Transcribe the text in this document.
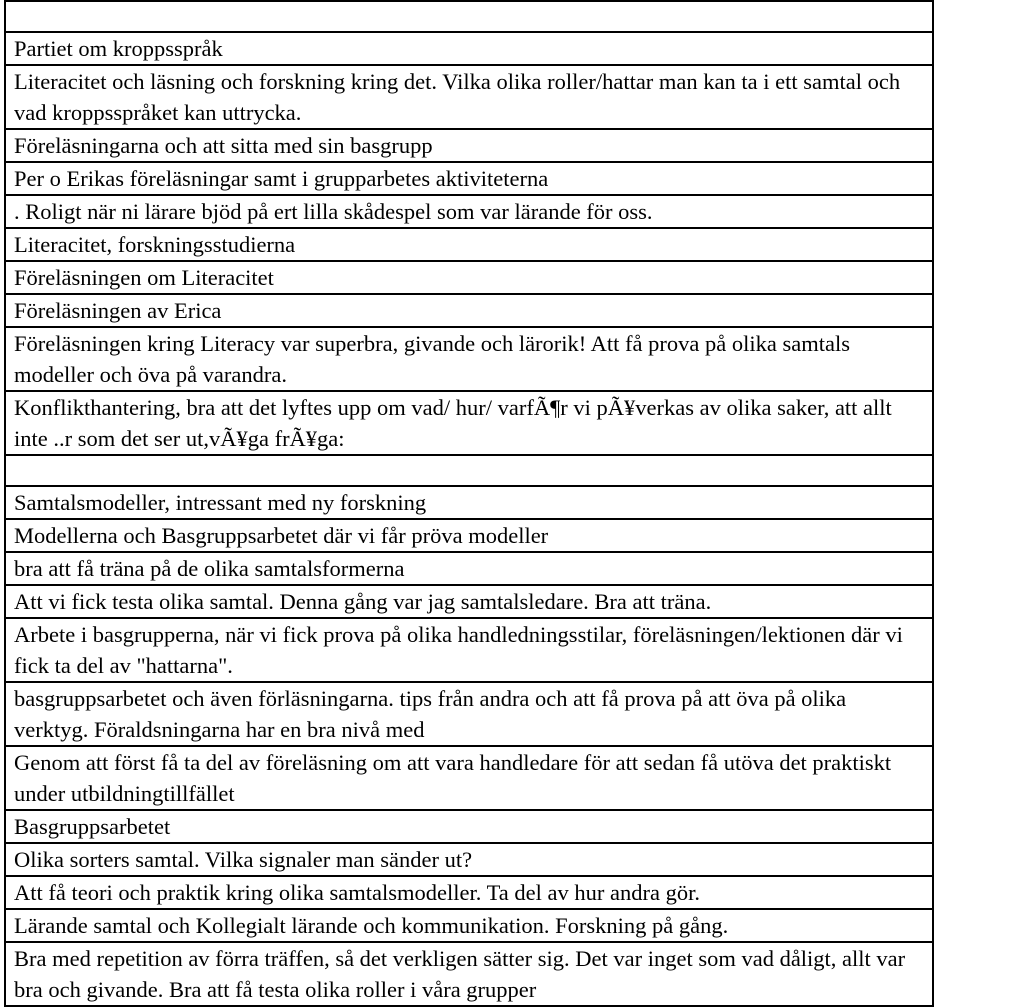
Partiet om kroppsspråk
Literacitet och läsning och forskning kring det. Vilka olika roller/hattar man kan ta i ett samtal och vad kroppsspråket kan uttrycka.
Föreläsningarna och att sitta med sin basgrupp
Per o Erikas föreläsningar samt i grupparbetes aktiviteterna
. Roligt när ni lärare bjöd på ert lilla skådespel som var lärande för oss.
Literacitet, forskningsstudierna
Föreläsningen om Literacitet
Föreläsningen av Erica
Föreläsningen kring Literacy var superbra, givande och lärorik! Att få prova på olika samtals modeller och öva på varandra.
Konflikthantering, bra att det lyftes upp om vad/ hur/ varfÃ¶r vi pÃ¥verkas av olika saker, att allt inte ..r som det ser ut,vÃ¥ga frÃ¥ga:

Samtalsmodeller, intressant med ny forskning
Modellerna och Basgruppsarbetet där vi får pröva modeller
bra att få träna på de olika samtalsformerna
Att vi fick testa olika samtal. Denna gång var jag samtalsledare. Bra att träna.
Arbete i basgrupperna, när vi fick prova på olika handledningsstilar, föreläsningen/lektionen där vi fick ta del av "hattarna".
basgruppsarbetet och även förläsningarna. tips från andra och att få prova på att öva på olika verktyg. Föraldsningarna har en bra nivå med
Genom att först få ta del av föreläsning om att vara handledare för att sedan få utöva det praktiskt under utbildningtillfället
Basgruppsarbetet
Olika sorters samtal. Vilka signaler man sänder ut?
Att få teori och praktik kring olika samtalsmodeller. Ta del av hur andra gör.
Lärande samtal och Kollegialt lärande och kommunikation. Forskning på gång.
Bra med repetition av förra träffen, så det verkligen sätter sig. Det var inget som vad dåligt, allt var bra och givande. Bra att få testa olika roller i våra grupper
